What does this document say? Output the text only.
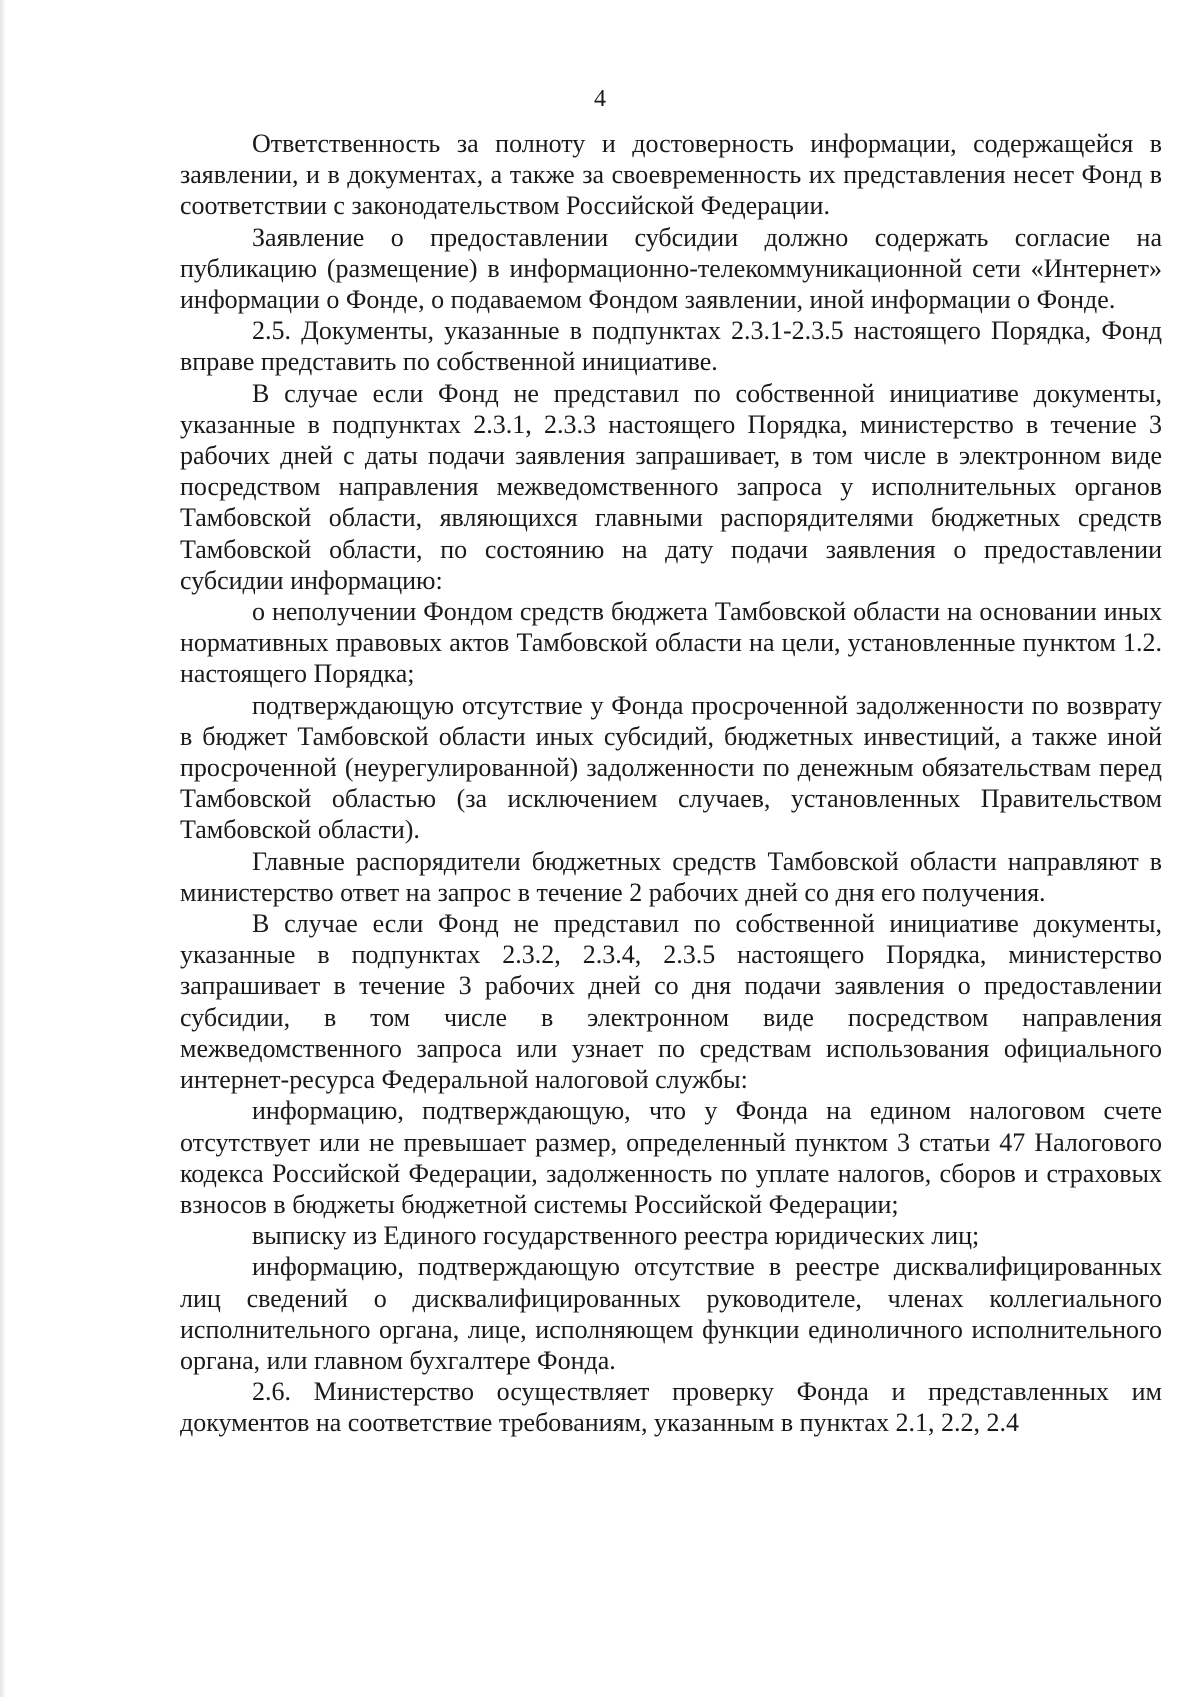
4

Ответственность за полноту и достоверность информации, содержащейся в заявлении, и в документах, а также за своевременность их представления несет Фонд в соответствии с законодательством Российской Федерации.

Заявление о предоставлении субсидии должно содержать согласие на публикацию (размещение) в информационно-телекоммуникационной сети «Интернет» информации о Фонде, о подаваемом Фондом заявлении, иной информации о Фонде.

2.5. Документы, указанные в подпунктах 2.3.1-2.3.5 настоящего Порядка, Фонд вправе представить по собственной инициативе.

В случае если Фонд не представил по собственной инициативе документы, указанные в подпунктах 2.3.1, 2.3.3 настоящего Порядка, министерство в течение 3 рабочих дней с даты подачи заявления запрашивает, в том числе в электронном виде посредством направления межведомственного запроса у исполнительных органов Тамбовской области, являющихся главными распорядителями бюджетных средств Тамбовской области, по состоянию на дату подачи заявления о предоставлении субсидии информацию:

о неполучении Фондом средств бюджета Тамбовской области на основании иных нормативных правовых актов Тамбовской области на цели, установленные пунктом 1.2. настоящего Порядка;

подтверждающую отсутствие у Фонда просроченной задолженности по возврату в бюджет Тамбовской области иных субсидий, бюджетных инвестиций, а также иной просроченной (неурегулированной) задолженности по денежным обязательствам перед Тамбовской областью (за исключением случаев, установленных Правительством Тамбовской области).

Главные распорядители бюджетных средств Тамбовской области направляют в министерство ответ на запрос в течение 2 рабочих дней со дня его получения.

В случае если Фонд не представил по собственной инициативе документы, указанные в подпунктах 2.3.2, 2.3.4, 2.3.5 настоящего Порядка, министерство запрашивает в течение 3 рабочих дней со дня подачи заявления о предоставлении субсидии, в том числе в электронном виде посредством направления межведомственного запроса или узнает по средствам использования официального интернет-ресурса Федеральной налоговой службы:

информацию, подтверждающую, что у Фонда на едином налоговом счете отсутствует или не превышает размер, определенный пунктом 3 статьи 47 Налогового кодекса Российской Федерации, задолженность по уплате налогов, сборов и страховых взносов в бюджеты бюджетной системы Российской Федерации;

выписку из Единого государственного реестра юридических лиц;

информацию, подтверждающую отсутствие в реестре дисквалифицированных лиц сведений о дисквалифицированных руководителе, членах коллегиального исполнительного органа, лице, исполняющем функции единоличного исполнительного органа, или главном бухгалтере Фонда.

2.6. Министерство осуществляет проверку Фонда и представленных им документов на соответствие требованиям, указанным в пунктах 2.1, 2.2, 2.4
